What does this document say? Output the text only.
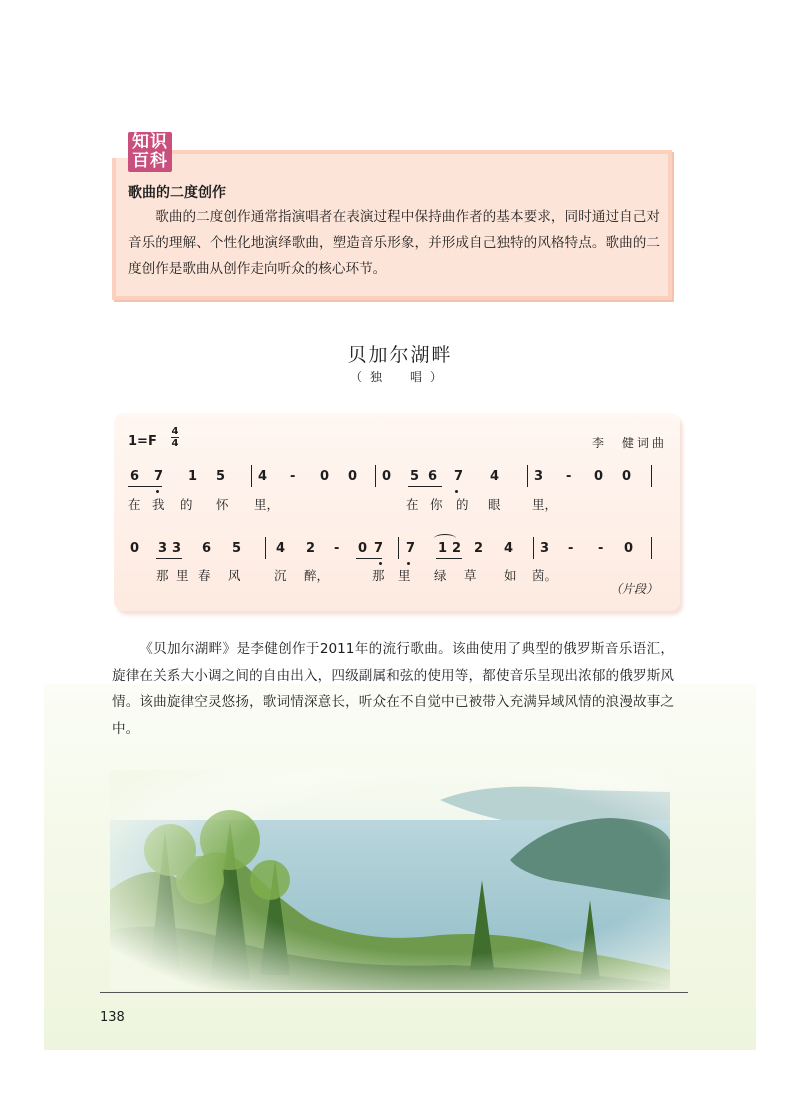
知识
百科
歌曲的二度创作
歌曲的二度创作通常指演唱者在表演过程中保持曲作者的基本要求，同时通过自己对音乐的理解、个性化地演绎歌曲，塑造音乐形象，并形成自己独特的风格特点。歌曲的二度创作是歌曲从创作走向听众的核心环节。
贝加尔湖畔
（独　唱）
1=F
4
4	李　健词曲
6 7 1 5	4 - 0 0 0 5 6 7 4	3 - 0 0
在 我 的 怀 里，	在 你 的 眼	里，
0 3 3 6 5	4 2 - 0 7 7 1 2 2 4 3 - - 0
那 里 春 风	沉 醉，	那 里 绿 草 如 茵。
（片段）
《贝加尔湖畔》是李健创作于2011年的流行歌曲。该曲使用了典型的俄罗斯音乐语汇，旋律在关系大小调之间的自由出入，四级副属和弦的使用等，都使音乐呈现出浓郁的俄罗斯风情。该曲旋律空灵悠扬，歌词情深意长，听众在不自觉中已被带入充满异域风情的浪漫故事之中。
138
